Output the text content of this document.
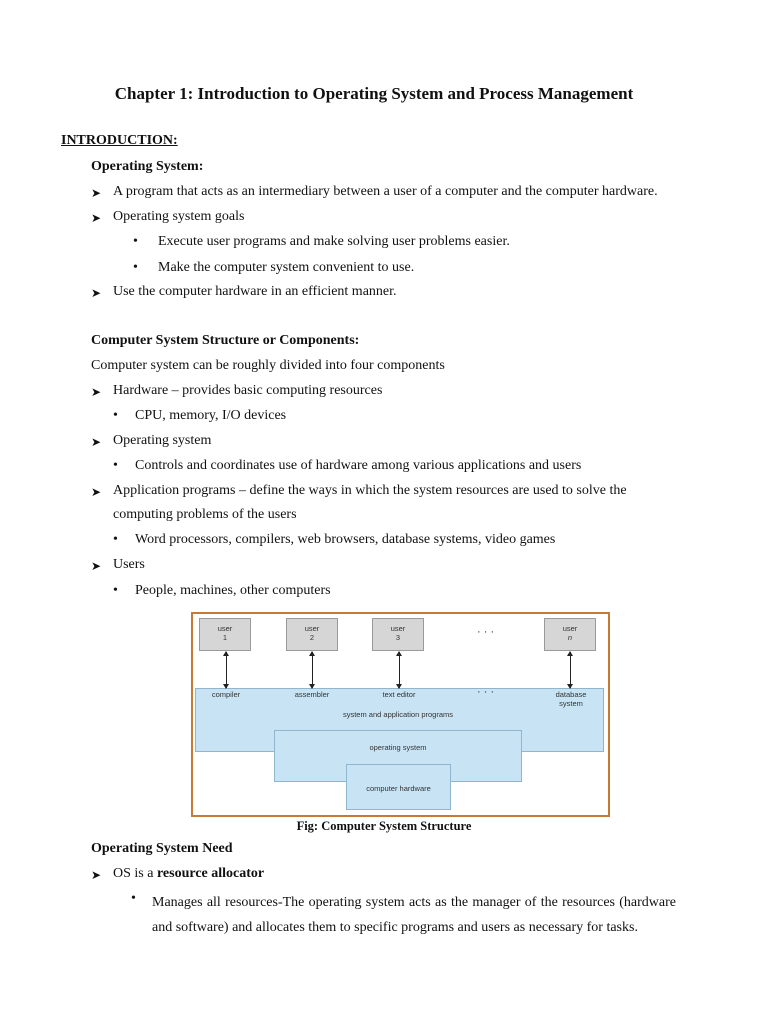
Chapter 1: Introduction to Operating System and Process Management
INTRODUCTION:
Operating System:
➤ A program that acts as an intermediary between a user of a computer and the computer hardware.
➤ Operating system goals
• Execute user programs and make solving user problems easier.
• Make the computer system convenient to use.
➤ Use the computer hardware in an efficient manner.
Computer System Structure or Components:
Computer system can be roughly divided into four components
➤ Hardware – provides basic computing resources
• CPU, memory, I/O devices
➤ Operating system
• Controls and coordinates use of hardware among various applications and users
➤ Application programs – define the ways in which the system resources are used to solve the
computing problems of the users
• Word processors, compilers, web browsers, database systems, video games
➤ Users
• People, machines, other computers
user
1
user
2
user
3	· · ·	user
n
compiler	assembler	text editor	· · ·	database
system
system and application programs
operating system
computer hardware
Fig: Computer System Structure
Operating System Need
➤ OS is a resource allocator
• Manages all resources-The operating system acts as the manager of the resources (hardware and software) and allocates them to specific programs and users as necessary for tasks.
